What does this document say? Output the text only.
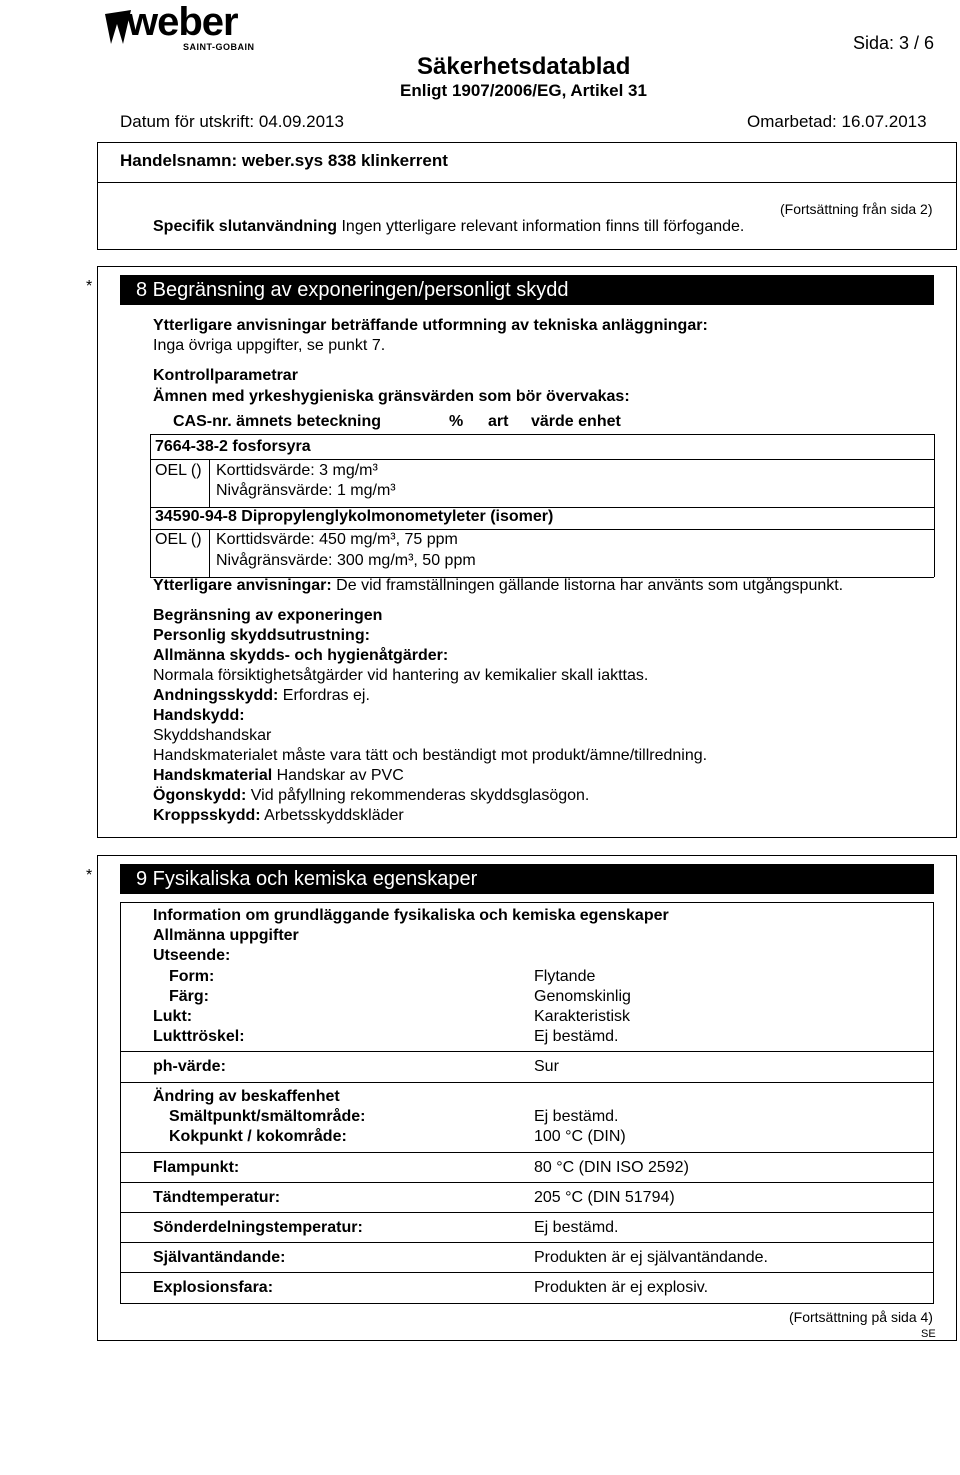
weber
SAINT-GOBAIN	Sida: 3 / 6
Säkerhetsdatablad
Enligt 1907/2006/EG, Artikel 31
Datum för utskrift: 04.09.2013	Omarbetad: 16.07.2013
Handelsnamn: weber.sys 838 klinkerrent
(Fortsättning från sida 2)
Specifik slutanvändning Ingen ytterligare relevant information finns till förfogande.
*	8 Begränsning av exponeringen/personligt skydd
Ytterligare anvisningar beträffande utformning av tekniska anläggningar:
Inga övriga uppgifter, se punkt 7.
Kontrollparametrar
Ämnen med yrkeshygieniska gränsvärden som bör övervakas:
CAS-nr. ämnets beteckning	% art värde enhet
7664-38-2 fosforsyra
OEL () Korttidsvärde: 3 mg/m³
Nivågränsvärde: 1 mg/m³
34590-94-8 Dipropylenglykolmonometyleter (isomer)
OEL () Korttidsvärde: 450 mg/m³, 75 ppm
Nivågränsvärde: 300 mg/m³, 50 ppm
Ytterligare anvisningar: De vid framställningen gällande listorna har använts som utgångspunkt.
Begränsning av exponeringen
Personlig skyddsutrustning:
Allmänna skydds- och hygienåtgärder:
Normala försiktighetsåtgärder vid hantering av kemikalier skall iakttas.
Andningsskydd: Erfordras ej.
Handskydd:
Skyddshandskar
Handskmaterialet måste vara tätt och beständigt mot produkt/ämne/tillredning.
Handskmaterial Handskar av PVC
Ögonskydd: Vid påfyllning rekommenderas skyddsglasögon.
Kroppsskydd: Arbetsskyddskläder
*	9 Fysikaliska och kemiska egenskaper
Information om grundläggande fysikaliska och kemiska egenskaper
Allmänna uppgifter
Utseende:
Form:	Flytande
Färg:	Genomskinlig
Lukt:	Karakteristisk
Lukttröskel:	Ej bestämd.
ph-värde:	Sur
Ändring av beskaffenhet
Smältpunkt/smältområde:	Ej bestämd.
Kokpunkt / kokområde:	100 °C (DIN)
Flampunkt:	80 °C (DIN ISO 2592)
Tändtemperatur:	205 °C (DIN 51794)
Sönderdelningstemperatur:	Ej bestämd.
Självantändande:	Produkten är ej självantändande.
Explosionsfara:	Produkten är ej explosiv.
(Fortsättning på sida 4)
SE
